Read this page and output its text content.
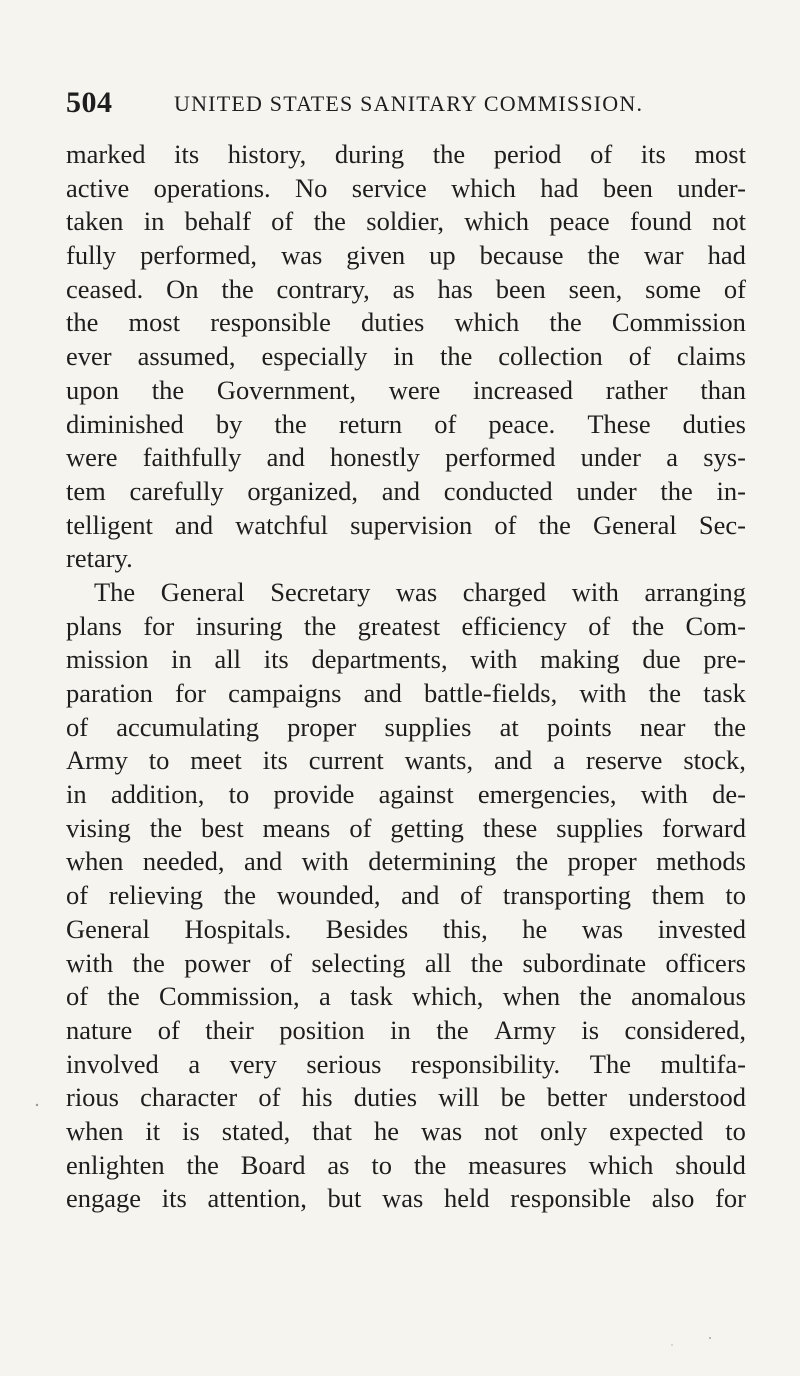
504	UNITED STATES SANITARY COMMISSION.
marked its history, during the period of its most
active operations. No service which had been under-
taken in behalf of the soldier, which peace found not
fully performed, was given up because the war had
ceased. On the contrary, as has been seen, some of
the most responsible duties which the Commission
ever assumed, especially in the collection of claims
upon the Government, were increased rather than
diminished by the return of peace. These duties
were faithfully and honestly performed under a sys-
tem carefully organized, and conducted under the in-
telligent and watchful supervision of the General Sec-
retary.
The General Secretary was charged with arranging
plans for insuring the greatest efficiency of the Com-
mission in all its departments, with making due pre-
paration for campaigns and battle-fields, with the task
of accumulating proper supplies at points near the
Army to meet its current wants, and a reserve stock,
in addition, to provide against emergencies, with de-
vising the best means of getting these supplies forward
when needed, and with determining the proper methods
of relieving the wounded, and of transporting them to
General Hospitals. Besides this, he was invested
with the power of selecting all the subordinate officers
of the Commission, a task which, when the anomalous
nature of their position in the Army is considered,
involved a very serious responsibility. The multifa-
rious character of his duties will be better understood
when it is stated, that he was not only expected to
enlighten the Board as to the measures which should
engage its attention, but was held responsible also for
